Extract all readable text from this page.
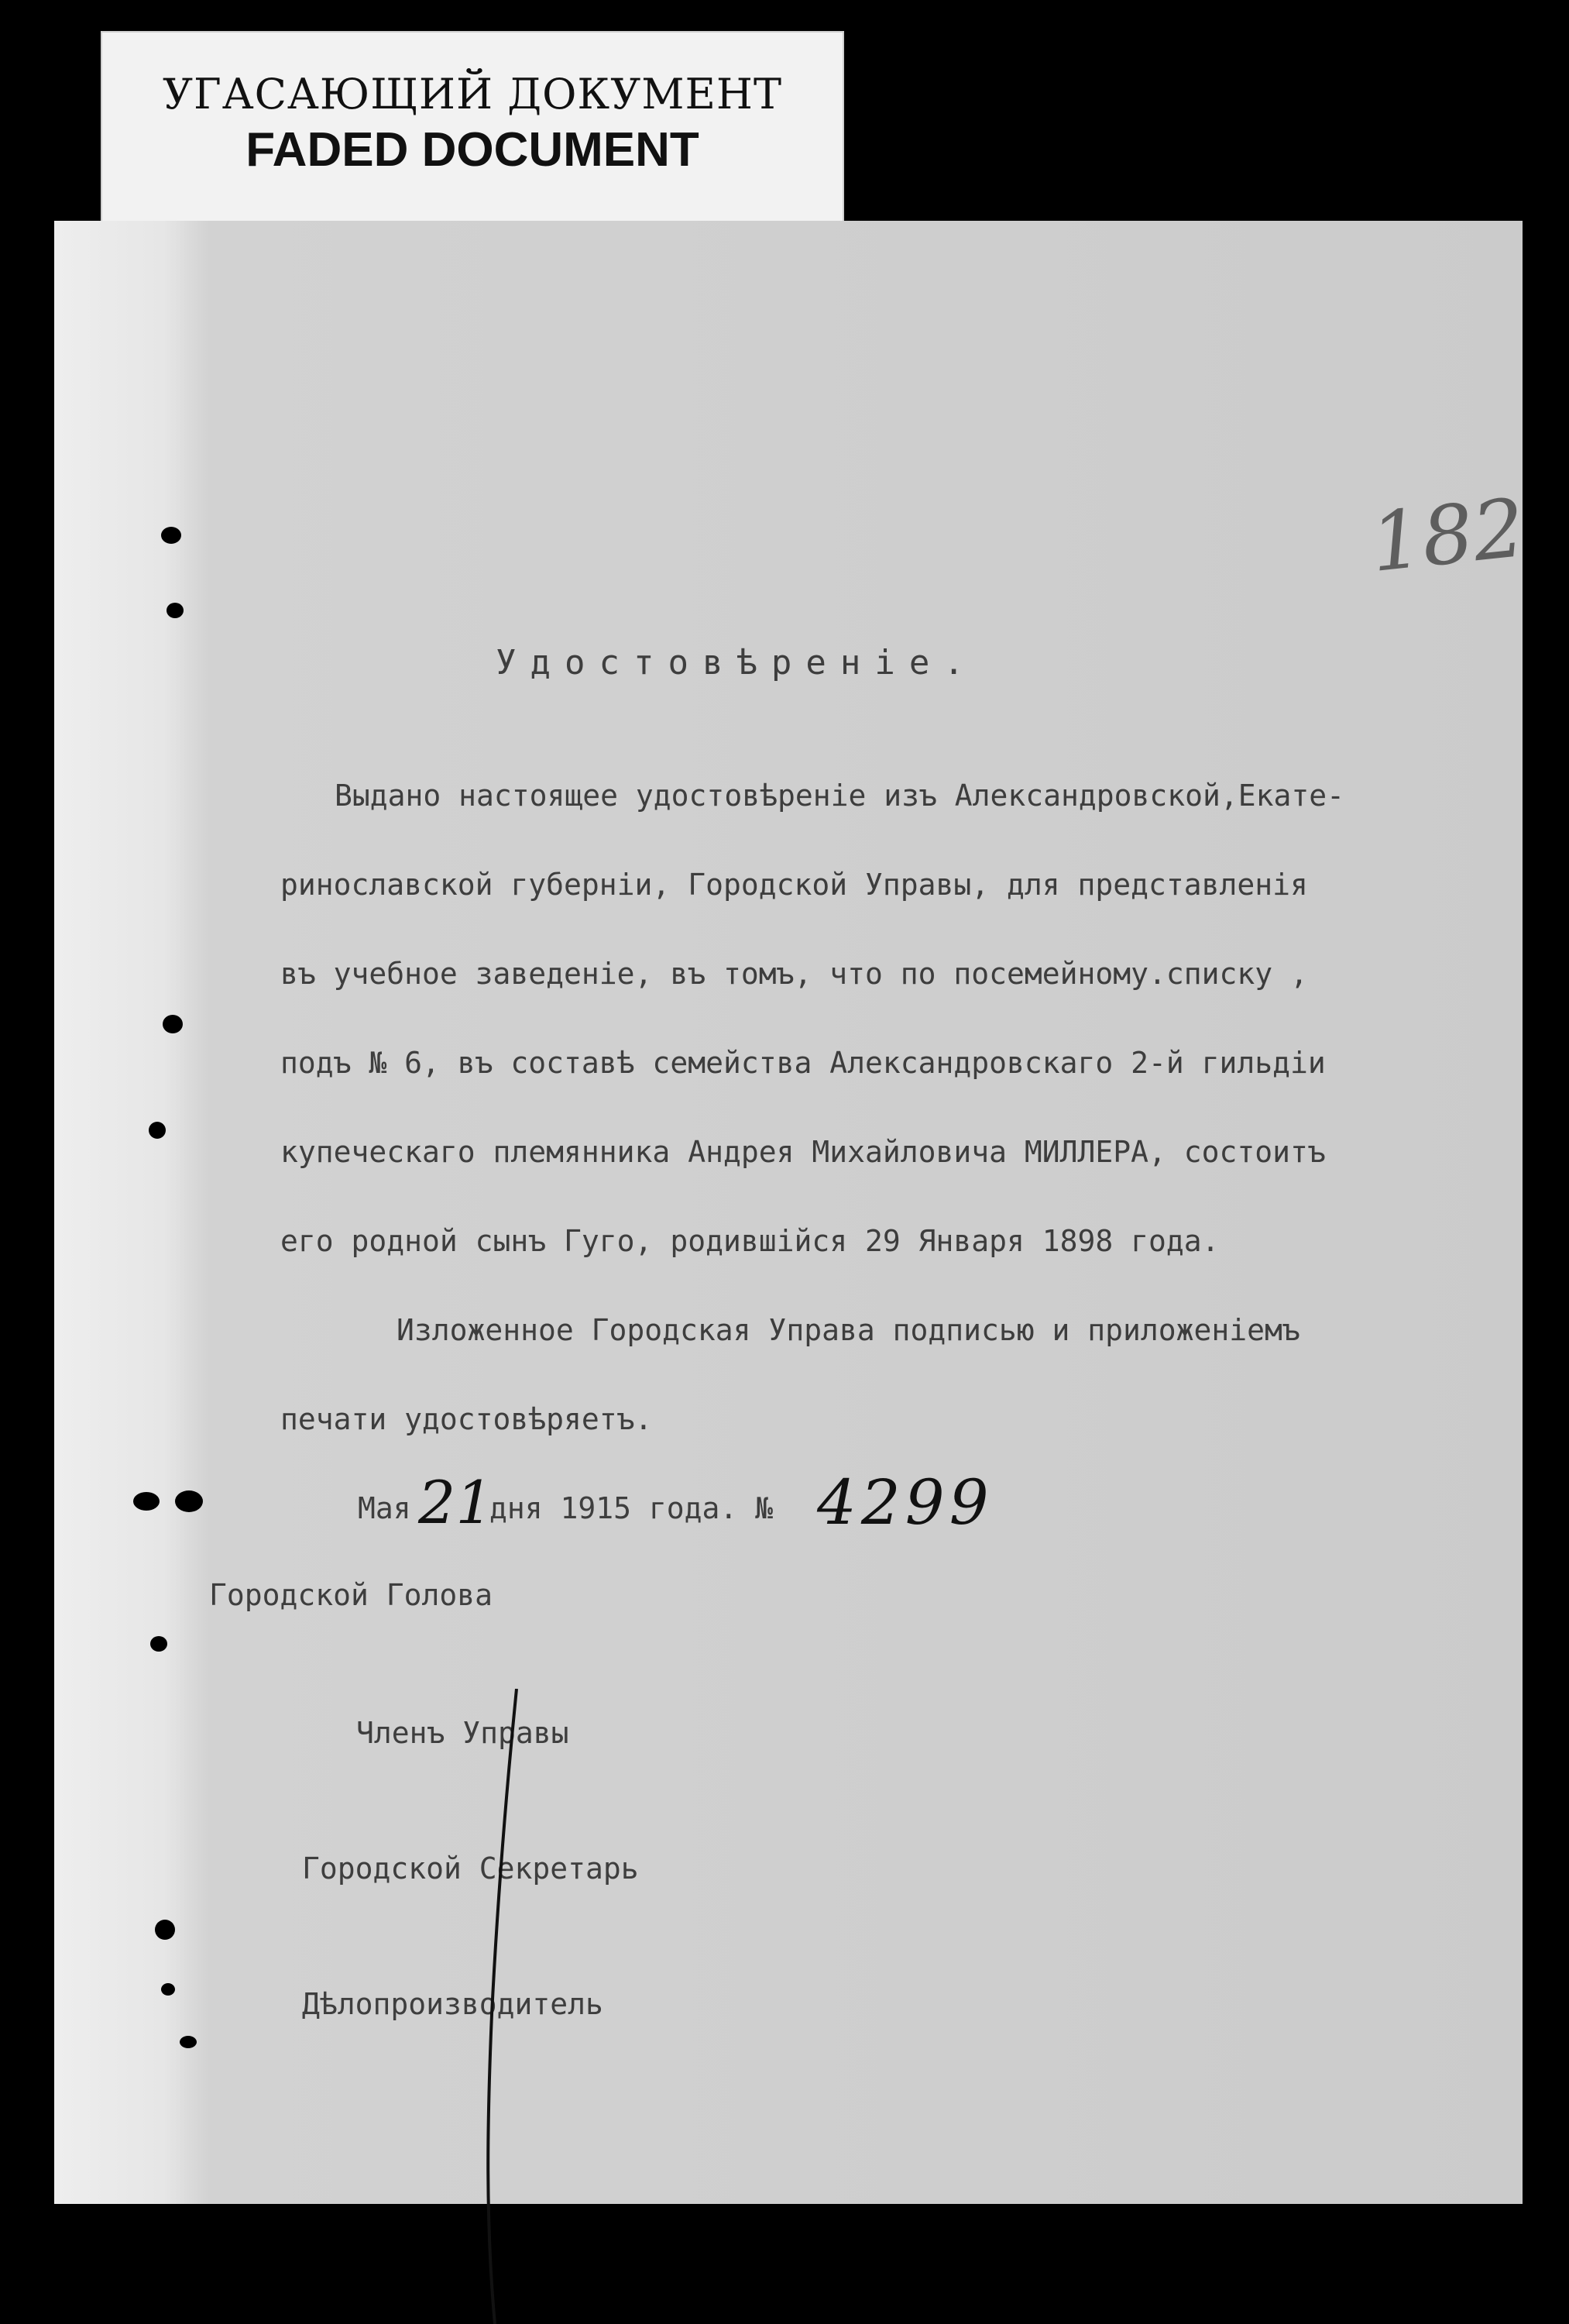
УГАСАЮЩИЙ ДОКУМЕНТ
FADED DOCUMENT
182
Удостовѣренiе.
Выдано настоящее удостовѣренiе изъ Александровской,Екате-
ринославской губернiи, Городской Управы, для представленiя
въ учебное заведенiе, въ томъ, что по посемейному.списку ,
подъ № 6, въ составѣ семейства Александровскаго 2-й гильдiи
купеческаго племянника Андрея Михайловича МИЛЛЕРА, состоитъ
его родной сынъ Гуго, родившiйся 29 Января 1898 года.
Изложенное Городская Управа подписью и приложенiемъ
печати удостовѣряетъ.
Мая 21
дня 1915 года. № 4299
Городской Голова
Членъ Управы
Городской Секретарь
Дѣлопроизводитель
